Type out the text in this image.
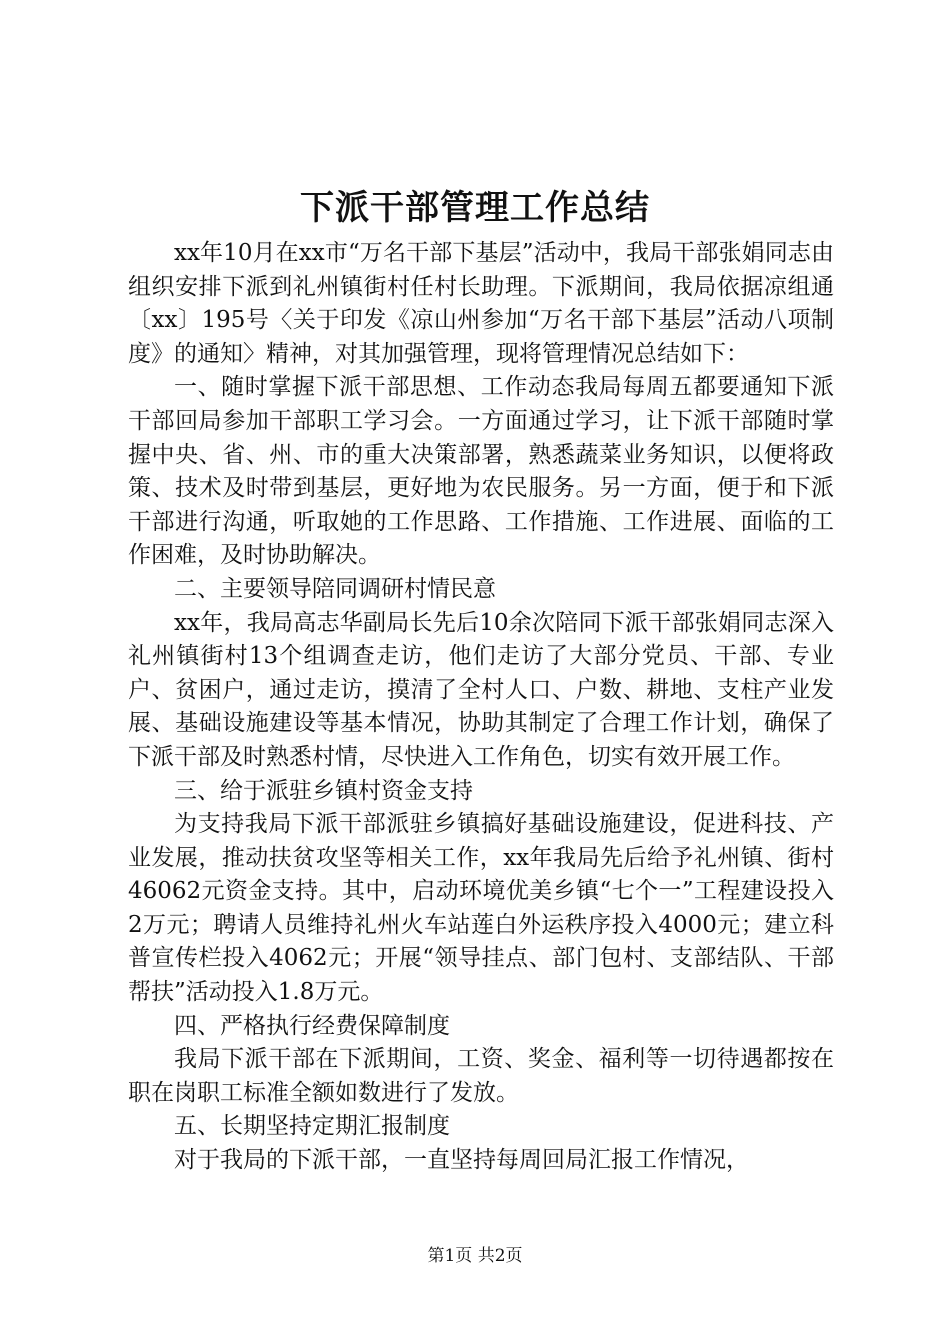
下派干部管理工作总结

xx年10月在xx市“万名干部下基层”活动中，我局干部张娟同志由组织安排下派到礼州镇街村任村长助理。下派期间，我局依据凉组通〔xx〕195号〈关于印发《凉山州参加“万名干部下基层”活动八项制度》的通知〉精神，对其加强管理，现将管理情况总结如下：

一、随时掌握下派干部思想、工作动态我局每周五都要通知下派干部回局参加干部职工学习会。一方面通过学习，让下派干部随时掌握中央、省、州、市的重大决策部署，熟悉蔬菜业务知识，以便将政策、技术及时带到基层，更好地为农民服务。另一方面，便于和下派干部进行沟通，听取她的工作思路、工作措施、工作进展、面临的工作困难，及时协助解决。

二、主要领导陪同调研村情民意

xx年，我局高志华副局长先后10余次陪同下派干部张娟同志深入礼州镇街村13个组调查走访，他们走访了大部分党员、干部、专业户、贫困户，通过走访，摸清了全村人口、户数、耕地、支柱产业发展、基础设施建设等基本情况，协助其制定了合理工作计划，确保了下派干部及时熟悉村情，尽快进入工作角色，切实有效开展工作。

三、给于派驻乡镇村资金支持

为支持我局下派干部派驻乡镇搞好基础设施建设，促进科技、产业发展，推动扶贫攻坚等相关工作，xx年我局先后给予礼州镇、街村46062元资金支持。其中，启动环境优美乡镇“七个一”工程建设投入2万元；聘请人员维持礼州火车站莲白外运秩序投入4000元；建立科普宣传栏投入4062元；开展“领导挂点、部门包村、支部结队、干部帮扶”活动投入1.8万元。

四、严格执行经费保障制度

我局下派干部在下派期间，工资、奖金、福利等一切待遇都按在职在岗职工标准全额如数进行了发放。

五、长期坚持定期汇报制度

对于我局的下派干部，一直坚持每周回局汇报工作情况，

第1页 共2页
